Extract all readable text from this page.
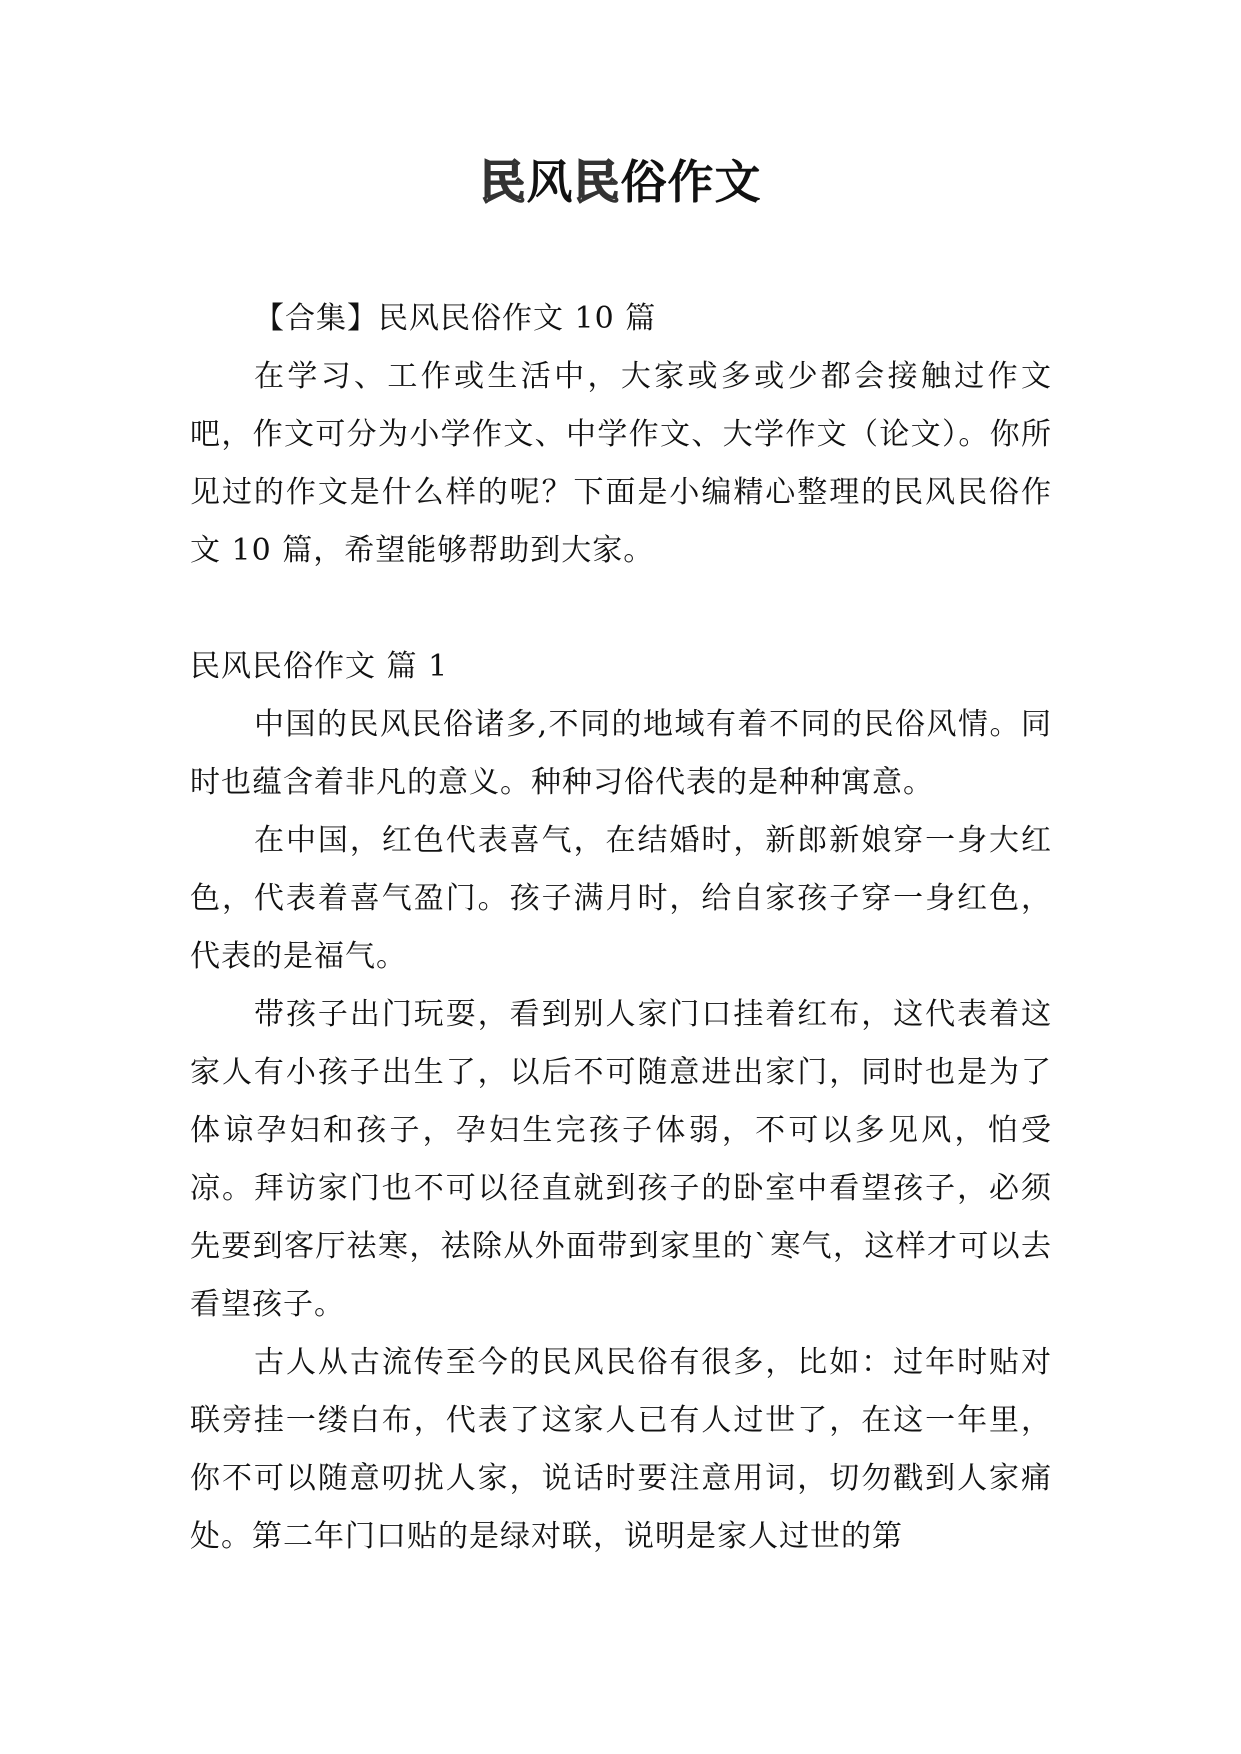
民风民俗作文

【合集】民风民俗作文 10 篇

在学习、工作或生活中，大家或多或少都会接触过作文吧，作文可分为小学作文、中学作文、大学作文（论文）。你所见过的作文是什么样的呢？下面是小编精心整理的民风民俗作文 10 篇，希望能够帮助到大家。

民风民俗作文 篇 1

中国的民风民俗诸多,不同的地域有着不同的民俗风情。同时也蕴含着非凡的意义。种种习俗代表的是种种寓意。

在中国，红色代表喜气，在结婚时，新郎新娘穿一身大红色，代表着喜气盈门。孩子满月时，给自家孩子穿一身红色，代表的是福气。

带孩子出门玩耍，看到别人家门口挂着红布，这代表着这家人有小孩子出生了，以后不可随意进出家门，同时也是为了体谅孕妇和孩子，孕妇生完孩子体弱，不可以多见风，怕受凉。拜访家门也不可以径直就到孩子的卧室中看望孩子，必须先要到客厅祛寒，祛除从外面带到家里的`寒气，这样才可以去看望孩子。

古人从古流传至今的民风民俗有很多，比如：过年时贴对联旁挂一缕白布，代表了这家人已有人过世了，在这一年里，你不可以随意叨扰人家，说话时要注意用词，切勿戳到人家痛处。第二年门口贴的是绿对联，说明是家人过世的第
